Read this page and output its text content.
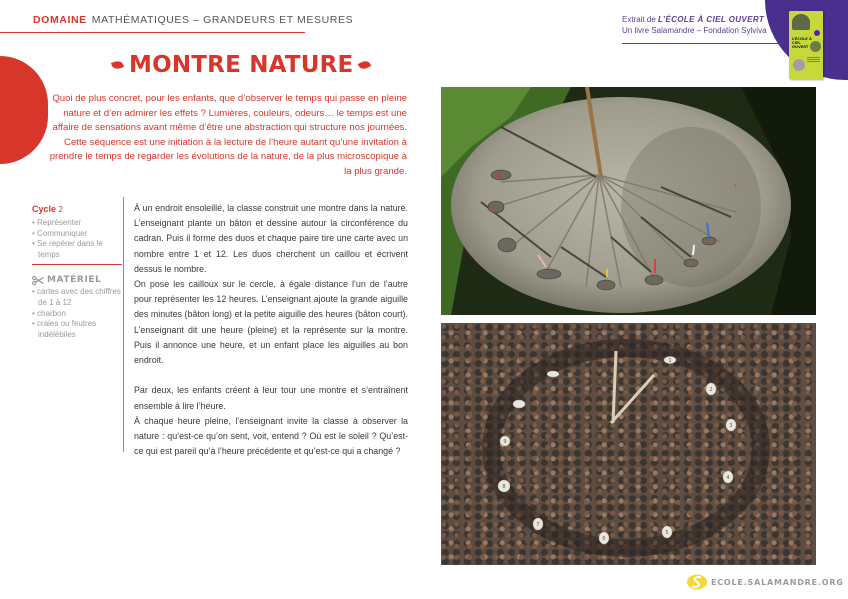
DOMAINE MATHÉMATIQUES – GRANDEURS ET MESURES
MONTRE NATURE

Quoi de plus concret, pour les enfants, que d’observer le temps qui passe en pleine nature et d’en admirer les effets ? Lumières, couleurs, odeurs… le temps est une affaire de sensations avant même d’être une abstraction qui structure nos journées. Cette séquence est une initiation à la lecture de l’heure autant qu’une invitation à prendre le temps de regarder les évolutions de la nature, de la plus microscopique à la plus grande.

Extrait de L’ÉCOLE À CIEL OUVERT
Un livre Salamandre – Fondation Sylviva
L’ÉCOLE À CIEL OUVERT
Cycle 2
• Représenter
• Communiquer
• Se repérer dans le temps
MATÉRIEL
• cartes avec des chiffres de 1 à 12
• charbon
• craies ou feutres indélébiles

À un endroit ensoleillé, la classe construit une montre dans la nature. L’enseignant plante un bâton et dessine autour la circonférence du cadran. Puis il forme des duos et chaque paire tire une carte avec un nombre entre 1 et 12. Les duos cherchent un caillou et écrivent dessus le nombre.

On pose les cailloux sur le cercle, à égale distance l’un de l’autre pour représenter les 12 heures. L’enseignant ajoute la grande aiguille des minutes (bâton long) et la petite aiguille des heures (bâton court). L’enseignant dit une heure (pleine) et la représente sur la montre. Puis il annonce une heure, et un enfant place les aiguilles au bon endroit.

Par deux, les enfants créent à leur tour une montre et s’entraînent ensemble à lire l’heure.

À chaque heure pleine, l’enseignant invite la classe à observer la nature : qu’est-ce qu’on sent, voit, entend ? Où est le soleil ? Qu’est-ce qui est pareil qu’à l’heure précédente et qu’est-ce qui a changé ?

12
1
2
3
4
10
11
2
3
4
5
6
7
8
9
1
ECOLE.SALAMANDRE.ORG
